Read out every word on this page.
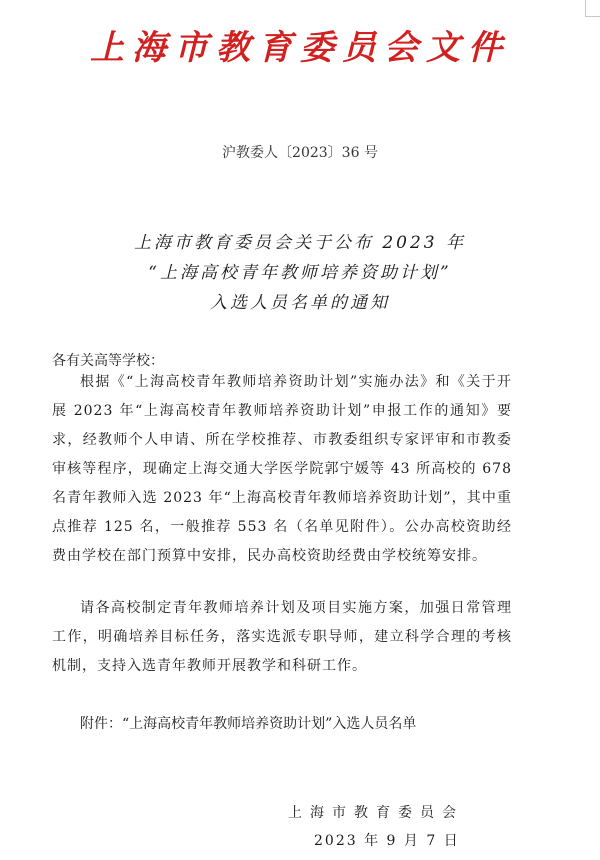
上海市教育委员会文件
沪教委人〔2023〕36 号
上海市教育委员会关于公布 2023 年
“上海高校青年教师培养资助计划”
入选人员名单的通知
各有关高等学校：
根据《“上海高校青年教师培养资助计划”实施办法》和《关于开展 2023 年“上海高校青年教师培养资助计划”申报工作的通知》要求，经教师个人申请、所在学校推荐、市教委组织专家评审和市教委审核等程序，现确定上海交通大学医学院郭宁媛等 43 所高校的 678 名青年教师入选 2023 年“上海高校青年教师培养资助计划”，其中重点推荐 125 名，一般推荐 553 名（名单见附件）。公办高校资助经费由学校在部门预算中安排，民办高校资助经费由学校统筹安排。
请各高校制定青年教师培养计划及项目实施方案，加强日常管理工作，明确培养目标任务，落实选派专职导师，建立科学合理的考核机制，支持入选青年教师开展教学和科研工作。
附件：“上海高校青年教师培养资助计划”入选人员名单
上海市教育委员会
2023 年 9 月 7 日
